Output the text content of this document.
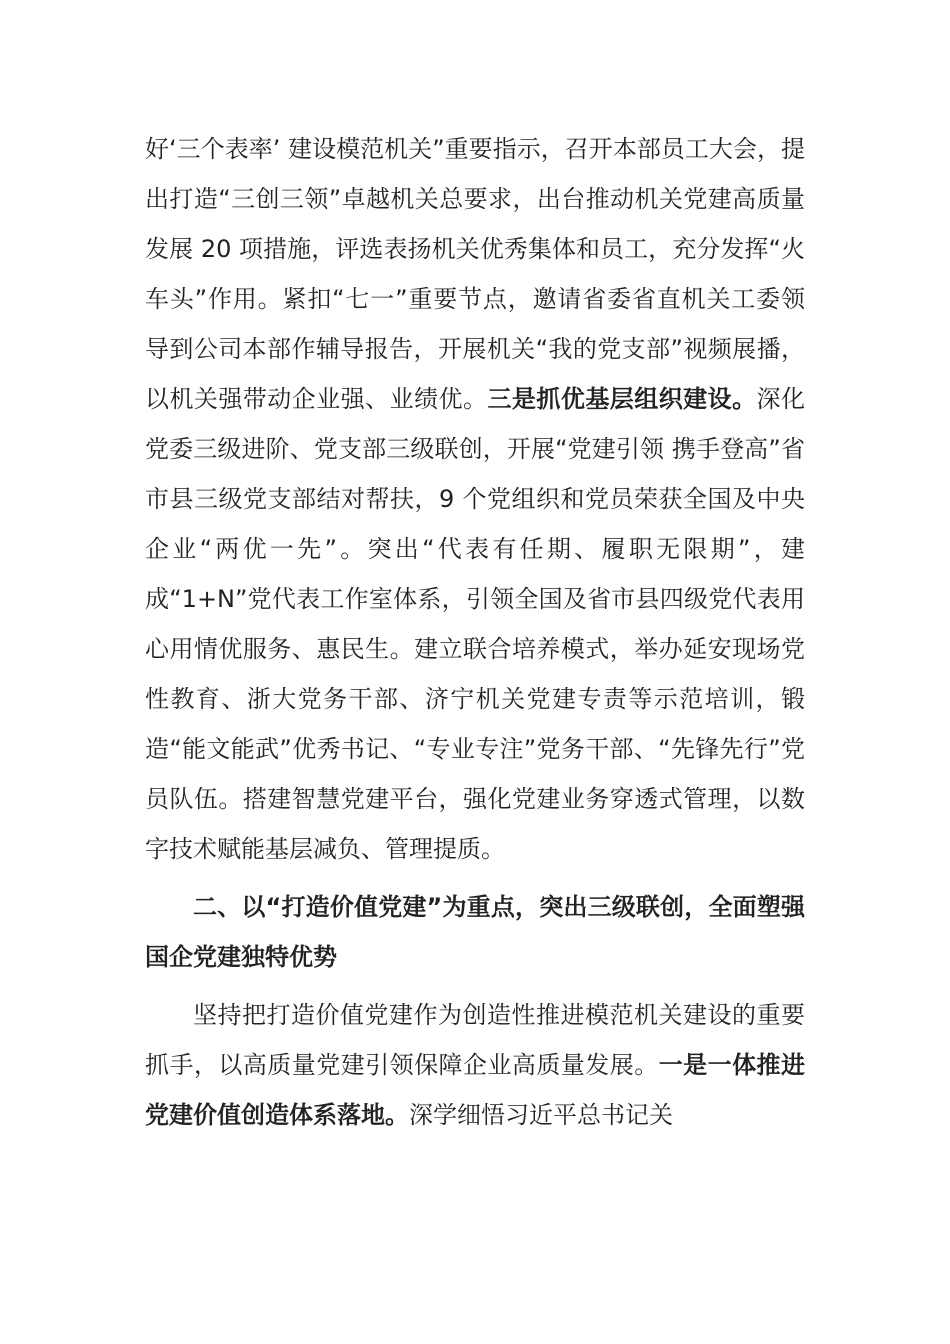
好‘三个表率’ 建设模范机关”重要指示，召开本部员工大会，提出打造“三创三领”卓越机关总要求，出台推动机关党建高质量发展 20 项措施，评选表扬机关优秀集体和员工，充分发挥“火车头”作用。紧扣“七一”重要节点，邀请省委省直机关工委领导到公司本部作辅导报告，开展机关“我的党支部”视频展播，以机关强带动企业强、业绩优。三是抓优基层组织建设。深化党委三级进阶、党支部三级联创，开展“党建引领 携手登高”省市县三级党支部结对帮扶，9 个党组织和党员荣获全国及中央企业“两优一先”。突出“代表有任期、履职无限期”，建成“1+N”党代表工作室体系，引领全国及省市县四级党代表用心用情优服务、惠民生。建立联合培养模式，举办延安现场党性教育、浙大党务干部、济宁机关党建专责等示范培训，锻造“能文能武”优秀书记、“专业专注”党务干部、“先锋先行”党员队伍。搭建智慧党建平台，强化党建业务穿透式管理，以数字技术赋能基层减负、管理提质。

二、以“打造价值党建”为重点，突出三级联创，全面塑强国企党建独特优势

坚持把打造价值党建作为创造性推进模范机关建设的重要抓手，以高质量党建引领保障企业高质量发展。一是一体推进党建价值创造体系落地。深学细悟习近平总书记关
